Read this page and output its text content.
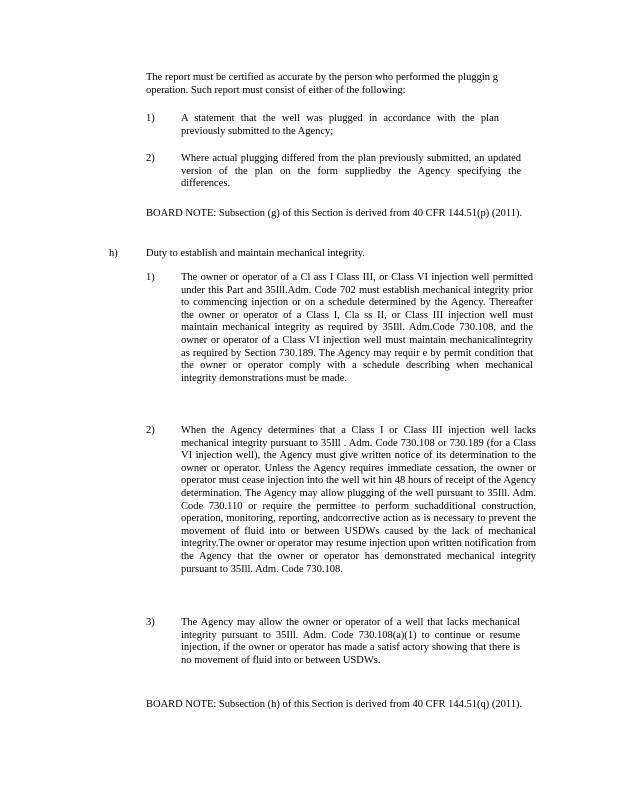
The report must be certified as accurate by the person who performed the pluggin g operation. Such report must consist of either of the following:
1)	A statement that the well was plugged in accordance with the plan previously submitted to the Agency;
2)	Where actual plugging differed from the plan previously submitted, an updated version of the plan on the form suppliedby the Agency specifying the differences.
BOARD NOTE: Subsection (g) of this Section is derived from 40 CFR 144.51(p) (2011).
h)	Duty to establish and maintain mechanical integrity.
1)	The owner or operator of a Cl ass I Class III, or Class VI injection well permitted under this Part and 35Ill.Adm. Code 702 must establish mechanical integrity prior to commencing injection or on a schedule determined by the Agency. Thereafter the owner or operator of a Class I, Cla ss II, or Class III injection well must maintain mechanical integrity as required by 35Ill. Adm.Code 730.108, and the owner or operator of a Class VI injection well must maintain mechanicalintegrity as required by Section 730.189. The Agency may requir e by permit condition that the owner or operator comply with a schedule describing when mechanical integrity demonstrations must be made.
2)	When the Agency determines that a Class I or Class III injection well lacks mechanical integrity pursuant to 35Ill . Adm. Code 730.108 or 730.189 (for a Class VI injection well), the Agency must give written notice of its determination to the owner or operator. Unless the Agency requires immediate cessation, the owner or operator must cease injection into the well wit hin 48 hours of receipt of the Agency determination. The Agency may allow plugging of the well pursuant to 35Ill. Adm. Code 730.110 or require the permittee to perform suchadditional construction, operation, monitoring, reporting, andcorrective action as is necessary to prevent the movement of fluid into or between USDWs caused by the lack of mechanical integrity.The owner or operator may resume injection upon written notification from the Agency that the owner or operator has demonstrated mechanical integrity pursuant to 35Ill. Adm. Code 730.108.
3)	The Agency may allow the owner or operator of a well that lacks mechanical integrity pursuant to 35Ill. Adm. Code 730.108(a)(1) to continue or resume injection, if the owner or operator has made a satisf actory showing that there is no movement of fluid into or between USDWs.
BOARD NOTE: Subsection (h) of this Section is derived from 40 CFR 144.51(q) (2011).
